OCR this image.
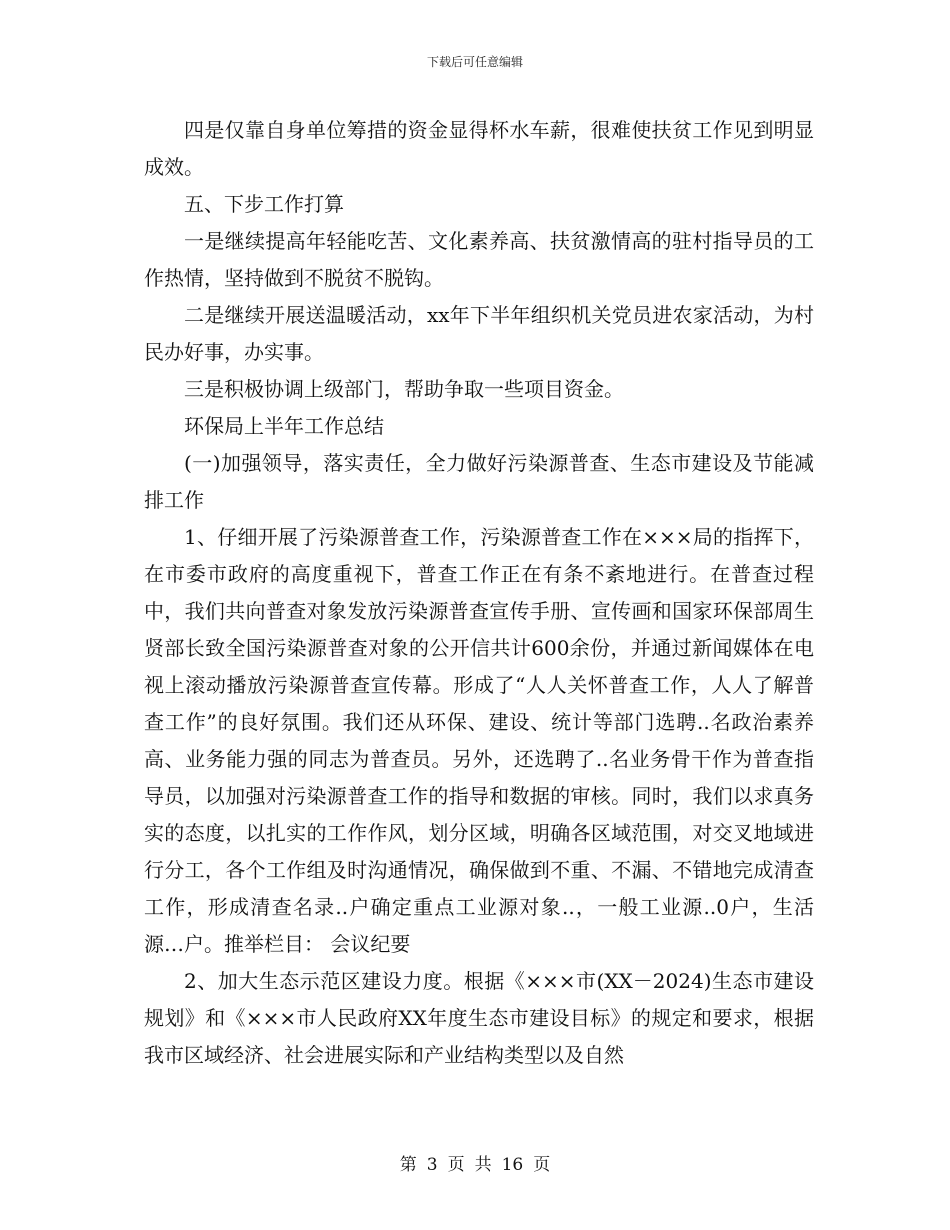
下载后可任意编辑

四是仅靠自身单位筹措的资金显得杯水车薪，很难使扶贫工作见到明显成效。

五、下步工作打算

一是继续提高年轻能吃苦、文化素养高、扶贫激情高的驻村指导员的工作热情，坚持做到不脱贫不脱钩。

二是继续开展送温暖活动，xx年下半年组织机关党员进农家活动，为村民办好事，办实事。

三是积极协调上级部门，帮助争取一些项目资金。

环保局上半年工作总结

(一)加强领导，落实责任，全力做好污染源普查、生态市建设及节能减排工作

1、仔细开展了污染源普查工作，污染源普查工作在×××局的指挥下，在市委市政府的高度重视下，普查工作正在有条不紊地进行。在普查过程中，我们共向普查对象发放污染源普查宣传手册、宣传画和国家环保部周生贤部长致全国污染源普查对象的公开信共计600余份，并通过新闻媒体在电视上滚动播放污染源普查宣传幕。形成了“人人关怀普查工作，人人了解普查工作”的良好氛围。我们还从环保、建设、统计等部门选聘..名政治素养高、业务能力强的同志为普查员。另外，还选聘了..名业务骨干作为普查指导员，以加强对污染源普查工作的指导和数据的审核。同时，我们以求真务实的态度，以扎实的工作作风，划分区域，明确各区域范围，对交叉地域进行分工，各个工作组及时沟通情况，确保做到不重、不漏、不错地完成清查工作，形成清查名录..户确定重点工业源对象..，一般工业源..0户，生活源…户。推举栏目： 会议纪要

2、加大生态示范区建设力度。根据《×××市(XX－2024)生态市建设规划》和《×××市人民政府XX年度生态市建设目标》的规定和要求，根据我市区域经济、社会进展实际和产业结构类型以及自然

第 3 页 共 16 页
